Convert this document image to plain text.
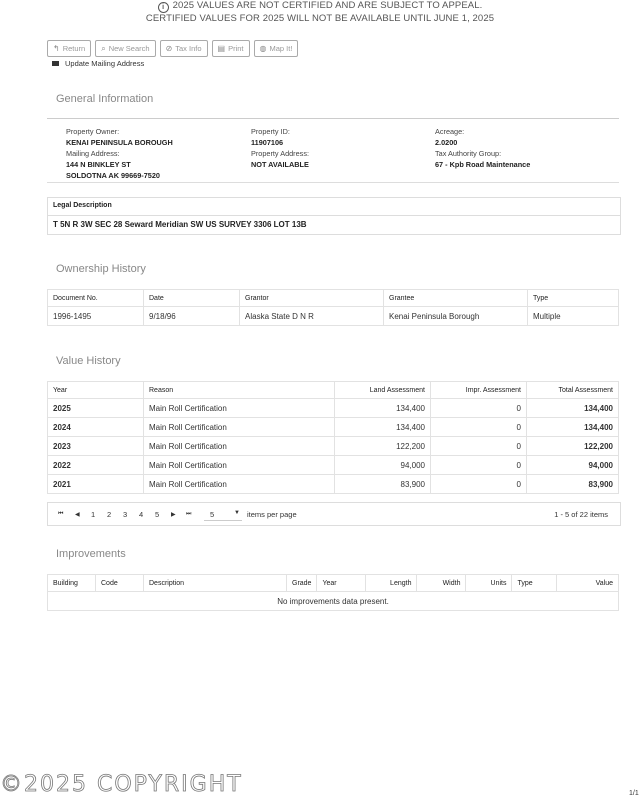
i 2025 VALUES ARE NOT CERTIFIED AND ARE SUBJECT TO APPEAL.
CERTIFIED VALUES FOR 2025 WILL NOT BE AVAILABLE UNTIL JUNE 1, 2025
↰ Return ⌕ New Search ⊘ Tax Info ▤ Print ◍ Map It!
Update Mailing Address
General Information
Property Owner:
KENAI PENINSULA BOROUGH
Mailing Address:
144 N BINKLEY ST
SOLDOTNA AK 99669-7520
Property ID:
11907106
Property Address:
NOT AVAILABLE
Acreage:
2.0200
Tax Authority Group:
67 - Kpb Road Maintenance
Legal Description
T 5N R 3W SEC 28 Seward Meridian SW US SURVEY 3306 LOT 13B
Ownership History
Document No.	Date	Grantor	Grantee	Type
1996-1495	9/18/96	Alaska State D N R	Kenai Peninsula Borough	Multiple
Value History
Year	Reason	Land Assessment	Impr. Assessment	Total Assessment
2025	Main Roll Certification	134,400	0	134,400
2024	Main Roll Certification	134,400	0	134,400
2023	Main Roll Certification	122,200	0	122,200
2022	Main Roll Certification	94,000	0	94,000
2021	Main Roll Certification	83,900	0	83,900
⏮ ◀ 1 2 3 4 5 ▶ ⏭ 5	▼ items per page	1 - 5 of 22 items
Improvements
Building	Code	Description	Grade	Year	Length	Width	Units	Type	Value
No improvements data present.
©2025 COPYRIGHT	1/1
